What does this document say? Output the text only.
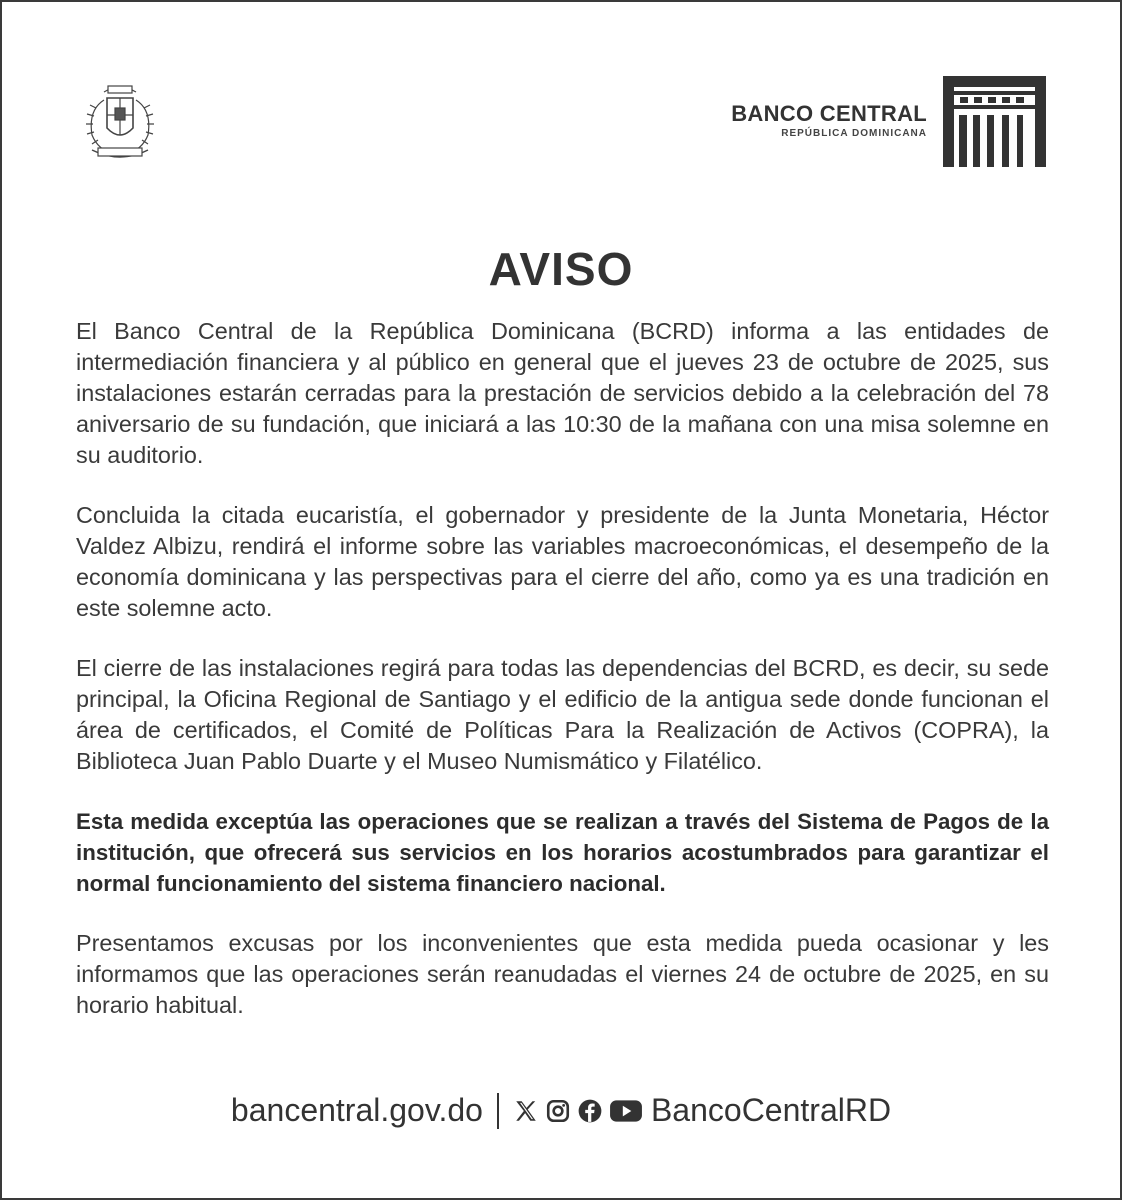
BANCO CENTRAL
REPÚBLICA DOMINICANA
AVISO

El Banco Central de la República Dominicana (BCRD) informa a las entidades de intermediación financiera y al público en general que el jueves 23 de octubre de 2025, sus instalaciones estarán cerradas para la prestación de servicios debido a la celebración del 78 aniversario de su fundación, que iniciará a las 10:30 de la mañana con una misa solemne en su auditorio.

Concluida la citada eucaristía, el gobernador y presidente de la Junta Monetaria, Héctor Valdez Albizu, rendirá el informe sobre las variables macroeconómicas, el desempeño de la economía dominicana y las perspectivas para el cierre del año, como ya es una tradición en este solemne acto.

El cierre de las instalaciones regirá para todas las dependencias del BCRD, es decir, su sede principal, la Oficina Regional de Santiago y el edificio de la antigua sede donde funcionan el área de certificados, el Comité de Políticas Para la Realización de Activos (COPRA), la Biblioteca Juan Pablo Duarte y el Museo Numismático y Filatélico.

Esta medida exceptúa las operaciones que se realizan a través del Sistema de Pagos de la institución, que ofrecerá sus servicios en los horarios acostumbrados para garantizar el normal funcionamiento del sistema financiero nacional.

Presentamos excusas por los inconvenientes que esta medida pueda ocasionar y les informamos que las operaciones serán reanudadas el viernes 24 de octubre de 2025, en su horario habitual.

bancentral.gov.do	BancoCentralRD
